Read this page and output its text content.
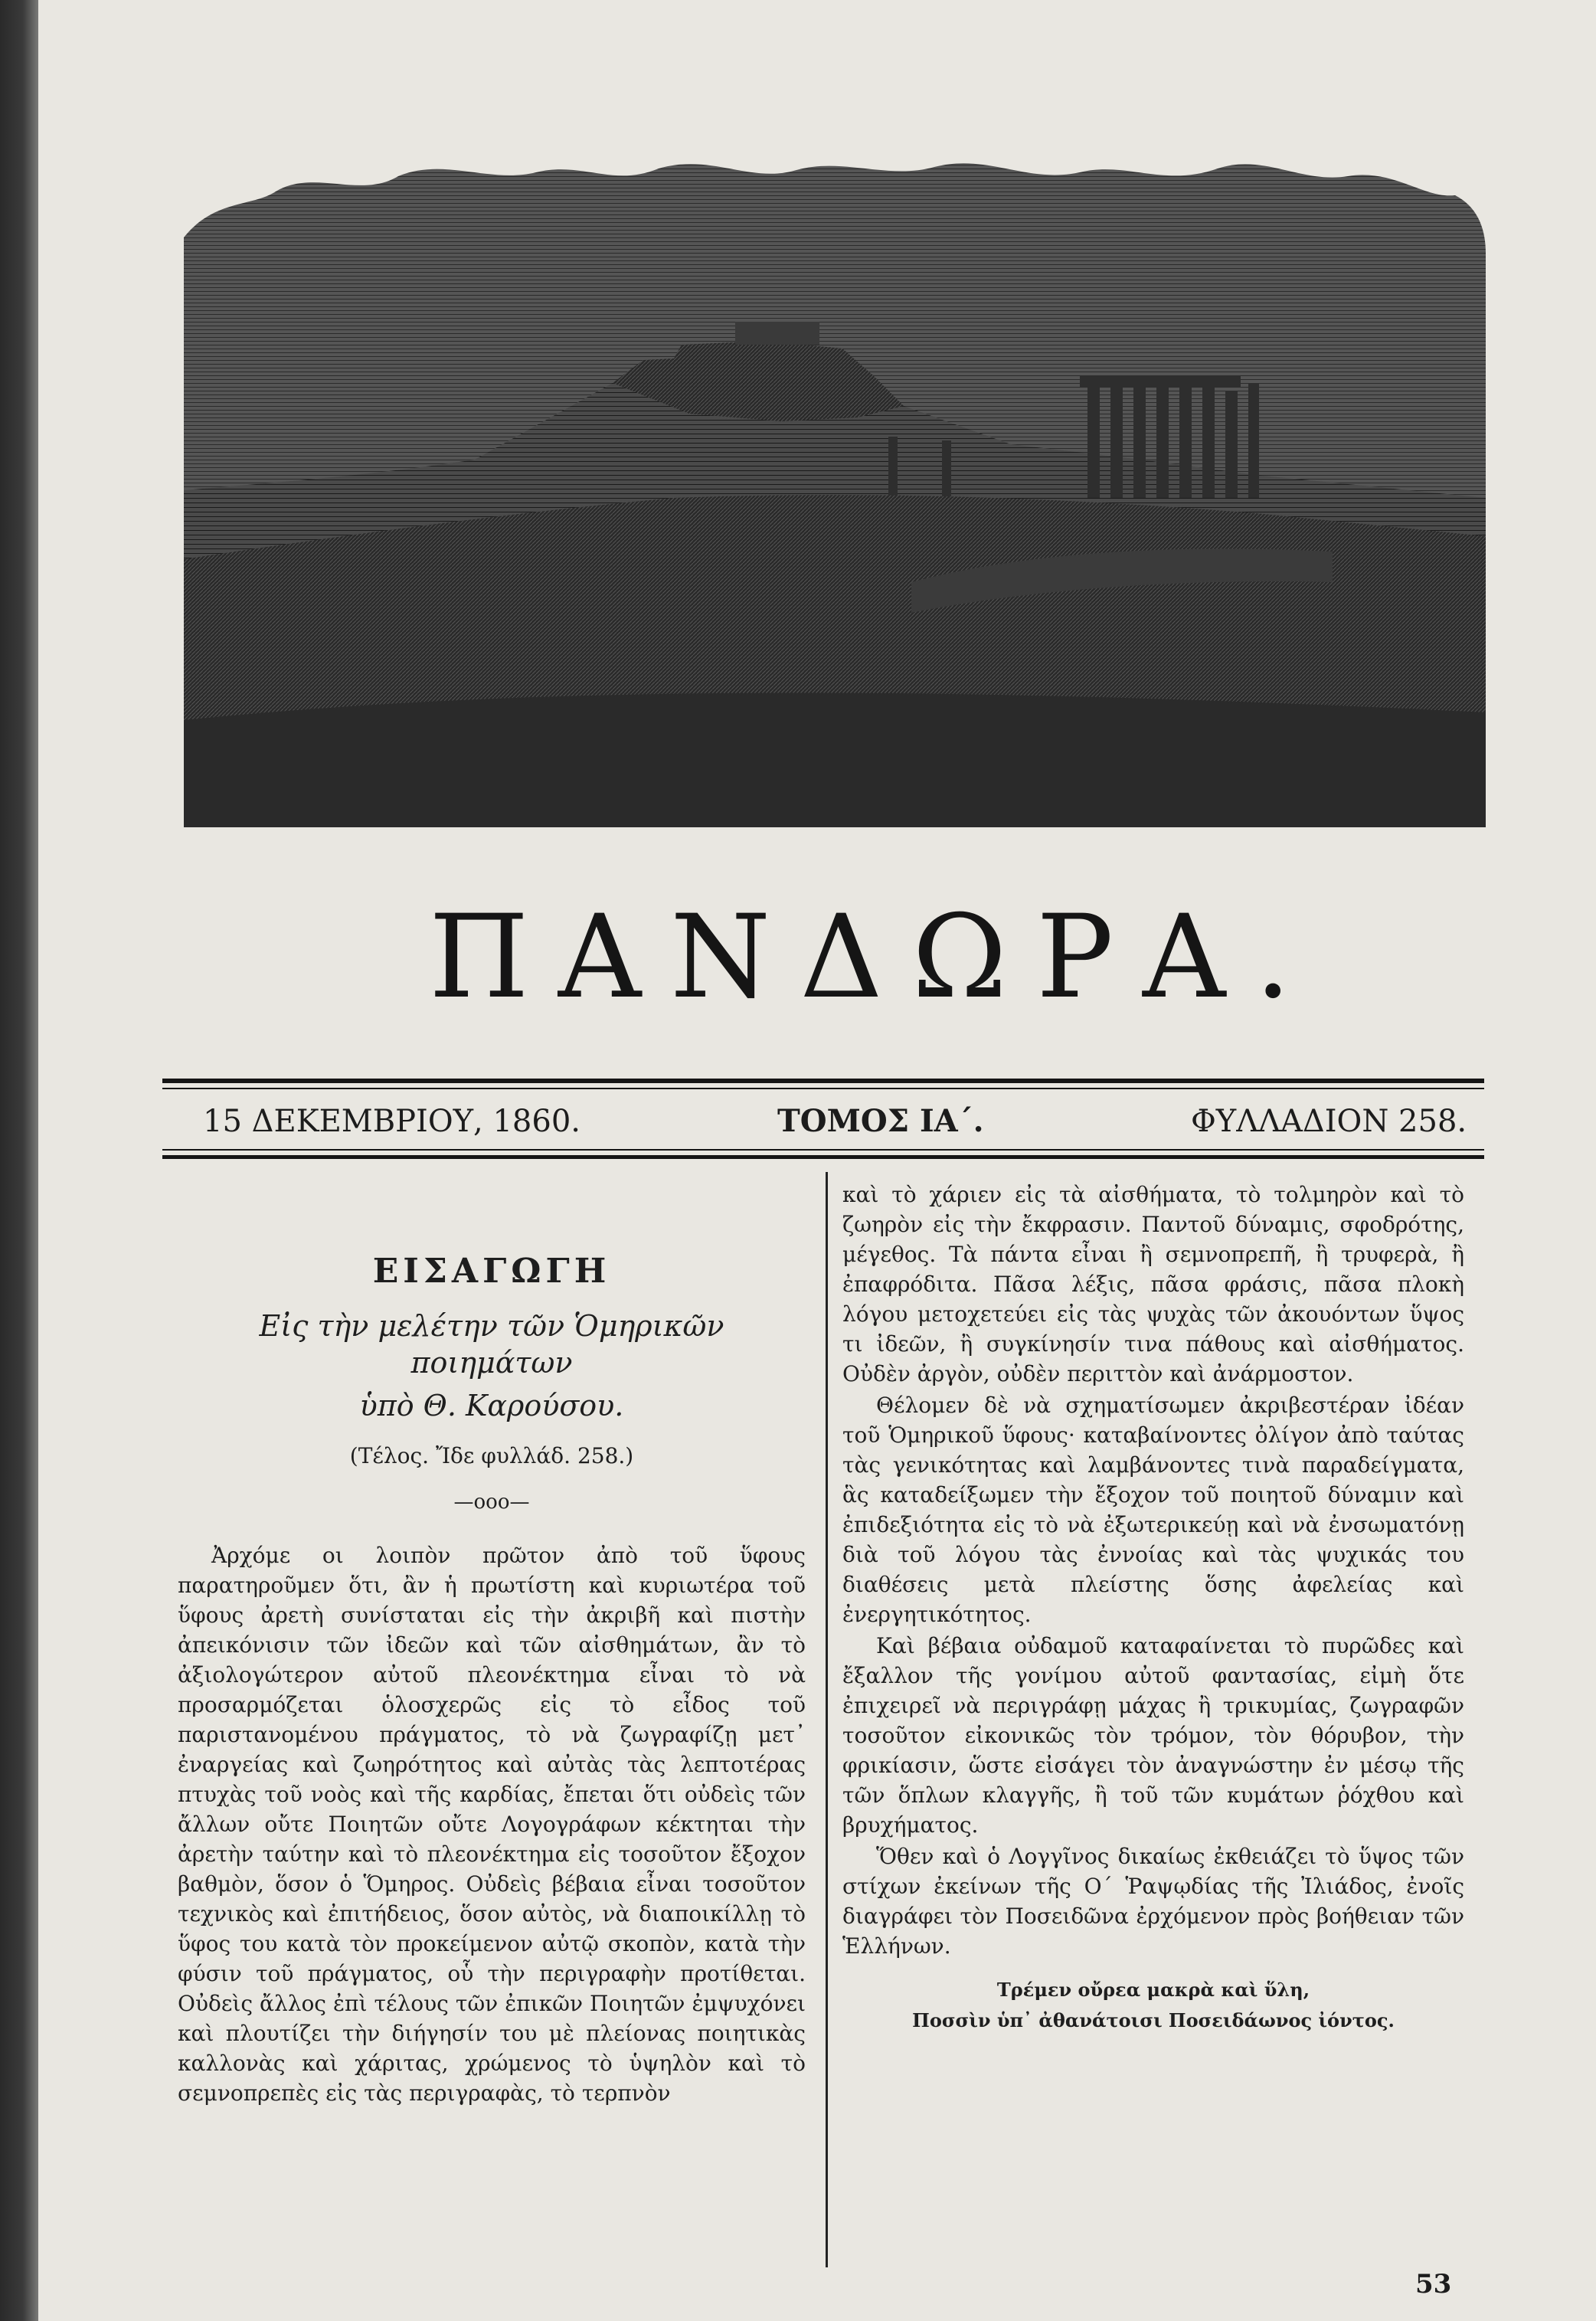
ΠΑΝΔΩΡΑ.
15 ΔΕΚΕΜΒΡΙΟΥ, 1860.	ΤΟΜΟΣ ΙΑ΄.	ΦΥΛΛΑΔΙΟΝ 258.
ΕΙΣΑΓΩΓΗ
Εἰς τὴν μελέτην τῶν Ὁμηρικῶν ποιημάτων
ὑπὸ Θ. Καρούσου.
(Τέλος. Ἴδε φυλλάδ. 258.)
—οοο—

Ἀρχόμε οι λοιπὸν πρῶτον ἀπὸ τοῦ ὕφους παρατηροῦμεν ὅτι, ἂν ἡ πρωτίστη καὶ κυριωτέρα τοῦ ὕφους ἀρετὴ συνίσταται εἰς τὴν ἀκριβῆ καὶ πιστὴν ἀπεικόνισιν τῶν ἰδεῶν καὶ τῶν αἰσθημάτων, ἂν τὸ ἀξιολογώτερον αὐτοῦ πλεονέκτημα εἶναι τὸ νὰ προσαρμόζεται ὁλοσχερῶς εἰς τὸ εἶδος τοῦ παριστανομένου πράγματος, τὸ νὰ ζωγραφίζῃ μετ᾽ ἐναργείας καὶ ζωηρότητος καὶ αὐτὰς τὰς λεπτοτέρας πτυχὰς τοῦ νοὸς καὶ τῆς καρδίας, ἔπεται ὅτι οὐδεὶς τῶν ἄλλων οὔτε Ποιητῶν οὔτε Λογογράφων κέκτηται τὴν ἀρετὴν ταύτην καὶ τὸ πλεονέκτημα εἰς τοσοῦτον ἔξοχον βαθμὸν, ὅσον ὁ Ὅμηρος. Οὐδεὶς βέβαια εἶναι τοσοῦτον τεχνικὸς καὶ ἐπιτήδειος, ὅσον αὐτὸς, νὰ διαποικίλλῃ τὸ ὕφος του κατὰ τὸν προκείμενον αὐτῷ σκοπὸν, κατὰ τὴν φύσιν τοῦ πράγματος, οὗ τὴν περιγραφὴν προτίθεται. Οὐδεὶς ἄλλος ἐπὶ τέλους τῶν ἐπικῶν Ποιητῶν ἐμψυχόνει καὶ πλουτίζει τὴν διήγησίν του μὲ πλείονας ποιητικὰς καλλονὰς καὶ χάριτας, χρώμενος τὸ ὑψηλὸν καὶ τὸ σεμνοπρεπὲς εἰς τὰς περιγραφὰς, τὸ τερπνὸν

καὶ τὸ χάριεν εἰς τὰ αἰσθήματα, τὸ τολμηρὸν καὶ τὸ ζωηρὸν εἰς τὴν ἔκφρασιν. Παντοῦ δύναμις, σφοδρότης, μέγεθος. Τὰ πάντα εἶναι ἢ σεμνοπρεπῆ, ἢ τρυφερὰ, ἢ ἐπαφρόδιτα. Πᾶσα λέξις, πᾶσα φράσις, πᾶσα πλοκὴ λόγου μετοχετεύει εἰς τὰς ψυχὰς τῶν ἀκουόντων ὕψος τι ἰδεῶν, ἢ συγκίνησίν τινα πάθους καὶ αἰσθήματος. Οὐδὲν ἀργὸν, οὐδὲν περιττὸν καὶ ἀνάρμοστον.

Θέλομεν δὲ νὰ σχηματίσωμεν ἀκριβεστέραν ἰδέαν τοῦ Ὁμηρικοῦ ὕφους· καταβαίνοντες ὀλίγον ἀπὸ ταύτας τὰς γενικότητας καὶ λαμβάνοντες τινὰ παραδείγματα, ἃς καταδείξωμεν τὴν ἔξοχον τοῦ ποιητοῦ δύναμιν καὶ ἐπιδεξιότητα εἰς τὸ νὰ ἐξωτερικεύῃ καὶ νὰ ἐνσωματόνῃ διὰ τοῦ λόγου τὰς ἐννοίας καὶ τὰς ψυχικάς του διαθέσεις μετὰ πλείστης ὅσης ἀφελείας καὶ ἐνεργητικότητος.

Καὶ βέβαια οὐδαμοῦ καταφαίνεται τὸ πυρῶδες καὶ ἔξαλλον τῆς γονίμου αὐτοῦ φαντασίας, εἰμὴ ὅτε ἐπιχειρεῖ νὰ περιγράφῃ μάχας ἢ τρικυμίας, ζωγραφῶν τοσοῦτον εἰκονικῶς τὸν τρόμον, τὸν θόρυβον, τὴν φρικίασιν, ὥστε εἰσάγει τὸν ἀναγνώστην ἐν μέσῳ τῆς τῶν ὅπλων κλαγγῆς, ἢ τοῦ τῶν κυμάτων ῥόχθου καὶ βρυχήματος.

Ὅθεν καὶ ὁ Λογγῖνος δικαίως ἐκθειάζει τὸ ὕψος τῶν στίχων ἐκείνων τῆς Ο΄ Ῥαψῳδίας τῆς Ἰλιάδος, ἐνοῖς διαγράφει τὸν Ποσειδῶνα ἐρχόμενον πρὸς βοήθειαν τῶν Ἑλλήνων.

Τρέμεν οὔρεα μακρὰ καὶ ὕλη,
Ποσσὶν ὑπ᾽ ἀθανάτοισι Ποσειδάωνος ἰόντος.
53
